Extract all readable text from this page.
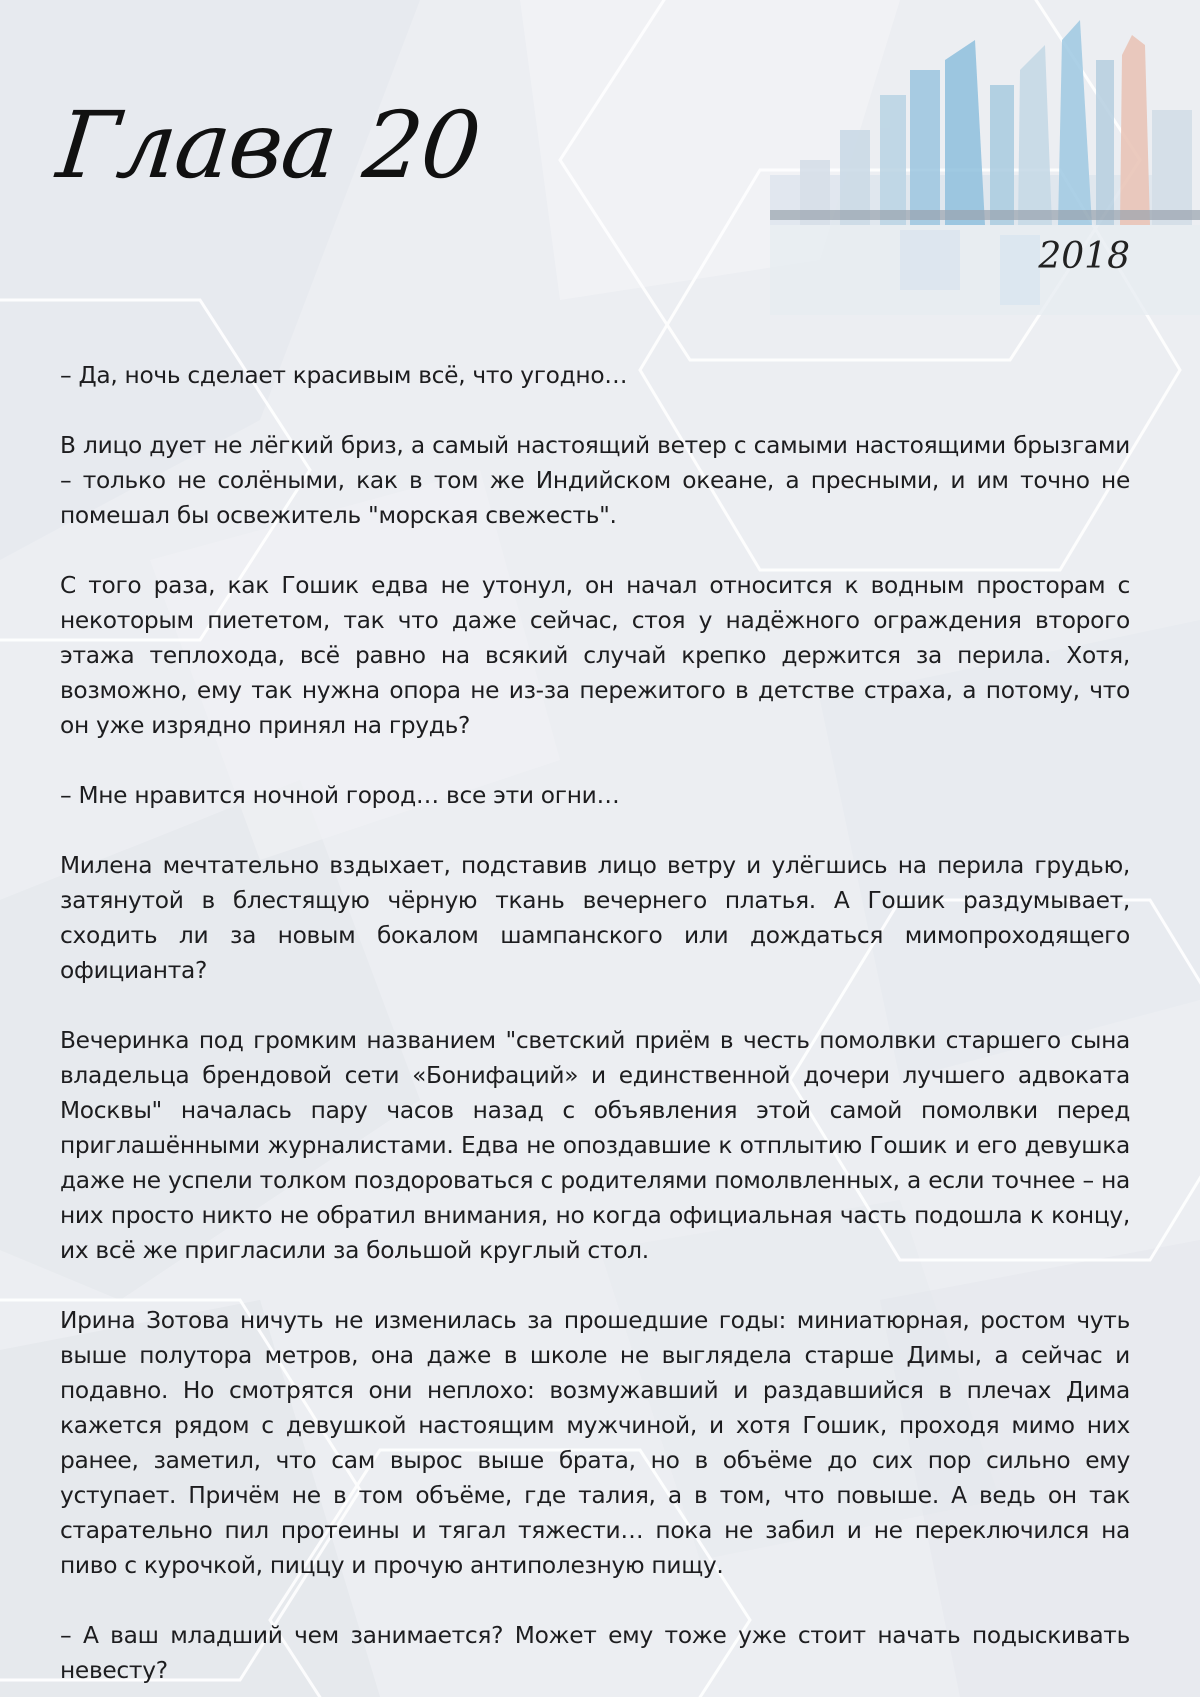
Глава 20
2018

– Да, ночь сделает красивым всё, что угодно…

В лицо дует не лёгкий бриз, а самый настоящий ветер с самыми настоящими брызгами – только не солёными, как в том же Индийском океане, а пресными, и им точно не помешал бы освежитель "морская свежесть".

С того раза, как Гошик едва не утонул, он начал относится к водным просторам с некоторым пиететом, так что даже сейчас, стоя у надёжного ограждения второго этажа теплохода, всё равно на всякий случай крепко держится за перила. Хотя, возможно, ему так нужна опора не из-за пережитого в детстве страха, а потому, что он уже изрядно принял на грудь?

– Мне нравится ночной город… все эти огни…

Милена мечтательно вздыхает, подставив лицо ветру и улёгшись на перила грудью, затянутой в блестящую чёрную ткань вечернего платья. А Гошик раздумывает, сходить ли за новым бокалом шампанского или дождаться мимопроходящего официанта?

Вечеринка под громким названием "светский приём в честь помолвки старшего сына владельца брендовой сети «Бонифаций» и единственной дочери лучшего адвоката Москвы" началась пару часов назад с объявления этой самой помолвки перед приглашёнными журналистами. Едва не опоздавшие к отплытию Гошик и его девушка даже не успели толком поздороваться с родителями помолвленных, а если точнее – на них просто никто не обратил внимания, но когда официальная часть подошла к концу, их всё же пригласили за большой круглый стол.

Ирина Зотова ничуть не изменилась за прошедшие годы: миниатюрная, ростом чуть выше полутора метров, она даже в школе не выглядела старше Димы, а сейчас и подавно. Но смотрятся они неплохо: возмужавший и раздавшийся в плечах Дима кажется рядом с девушкой настоящим мужчиной, и хотя Гошик, проходя мимо них ранее, заметил, что сам вырос выше брата, но в объёме до сих пор сильно ему уступает. Причём не в том объёме, где талия, а в том, что повыше. А ведь он так старательно пил протеины и тягал тяжести… пока не забил и не переключился на пиво с курочкой, пиццу и прочую антиполезную пищу.

– А ваш младший чем занимается? Может ему тоже уже стоит начать подыскивать невесту?
